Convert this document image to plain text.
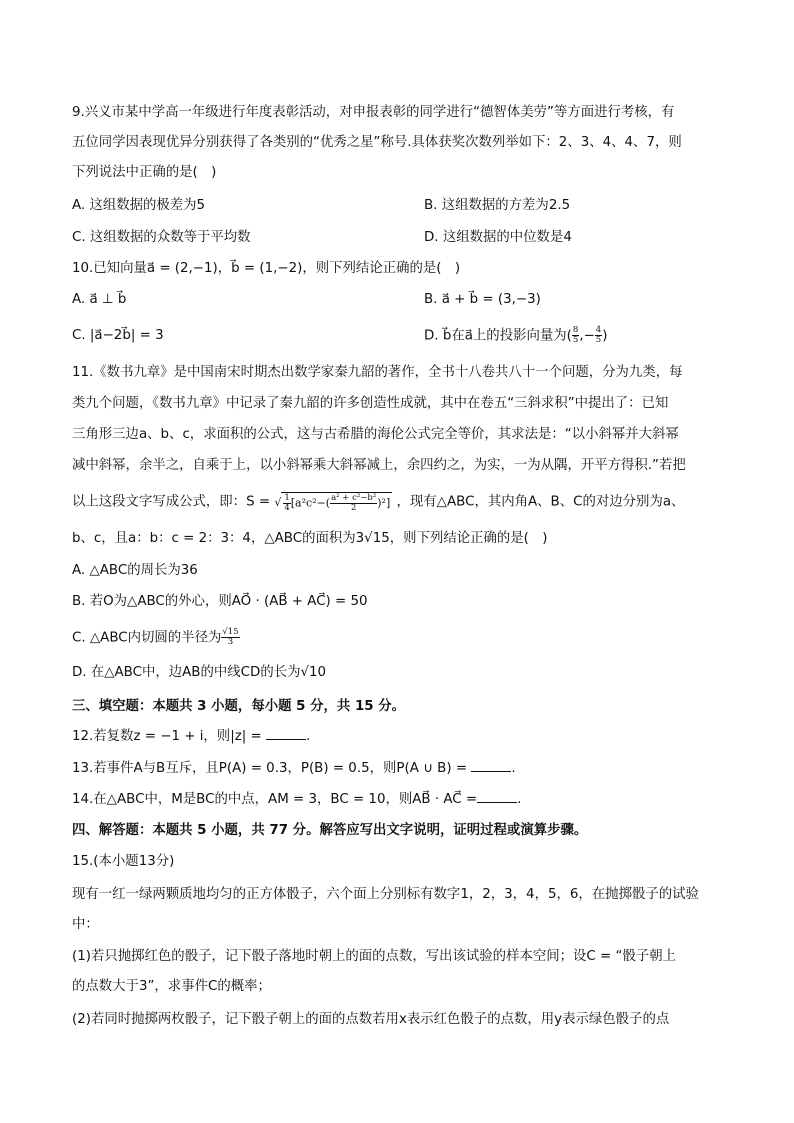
9.兴义市某中学高一年级进行年度表彰活动，对申报表彰的同学进行“德智体美劳”等方面进行考核，有
五位同学因表现优异分别获得了各类别的“优秀之星”称号.具体获奖次数列举如下：2、3、4、4、7，则
下列说法中正确的是(　)
A. 这组数据的极差为5	B. 这组数据的方差为2.5
C. 这组数据的众数等于平均数	D. 这组数据的中位数是4
10.已知向量a⃗ = (2,−1)，b⃗ = (1,−2)，则下列结论正确的是(　)
A. a⃗ ⊥ b⃗	B. a⃗ + b⃗ = (3,−3)
C. |a⃗−2b⃗| = 3	D. b⃗在a⃗上的投影向量为( $\frac{8}{5}$ ,− $\frac{4}{5}$ )
11.《数书九章》是中国南宋时期杰出数学家秦九韶的著作，全书十八卷共八十一个问题，分为九类，每
类九个问题，《数书九章》中记录了秦九韶的许多创造性成就，其中在卷五“三斜求积”中提出了：已知
三角形三边a、b、c，求面积的公式，这与古希腊的海伦公式完全等价，其求法是：“以小斜幂并大斜幂
减中斜幂，余半之，自乘于上，以小斜幂乘大斜幂减上，余四约之，为实，一为从隅，开平方得积.”若把
以上这段文字写成公式，即：S = √ $\frac{1}{4} [a^2c^2-( \frac{\text{a² + c²−b²}}{2} )^2]$ ，现有△ABC，其内角A、B、C的对边分别为a、
b、c，且a：b：c = 2：3：4，△ABC的面积为3√15，则下列结论正确的是(　)
A. △ABC的周长为36
B. 若O为△ABC的外心，则AO⃗ · (AB⃗ + AC⃗) = 50
C. △ABC内切圆的半径为 $\frac{√15}{3}$
D. 在△ABC中，边AB的中线CD的长为√10
三、填空题：本题共 3 小题，每小题 5 分，共 15 分。
12.若复数z = −1 + i，则|z| =	.
13.若事件A与B互斥，且P(A) = 0.3，P(B) = 0.5，则P(A ∪ B) =	.
14.在△ABC中，M是BC的中点，AM = 3，BC = 10，则AB⃗ · AC⃗ =	.
四、解答题：本题共 5 小题，共 77 分。解答应写出文字说明，证明过程或演算步骤。
15.(本小题13分)
现有一红一绿两颗质地均匀的正方体骰子，六个面上分别标有数字1，2，3，4，5，6，在抛掷骰子的试验
中：
(1)若只抛掷红色的骰子，记下骰子落地时朝上的面的点数，写出该试验的样本空间；设C = “骰子朝上
的点数大于3”，求事件C的概率；
(2)若同时抛掷两枚骰子，记下骰子朝上的面的点数若用x表示红色骰子的点数，用y表示绿色骰子的点
